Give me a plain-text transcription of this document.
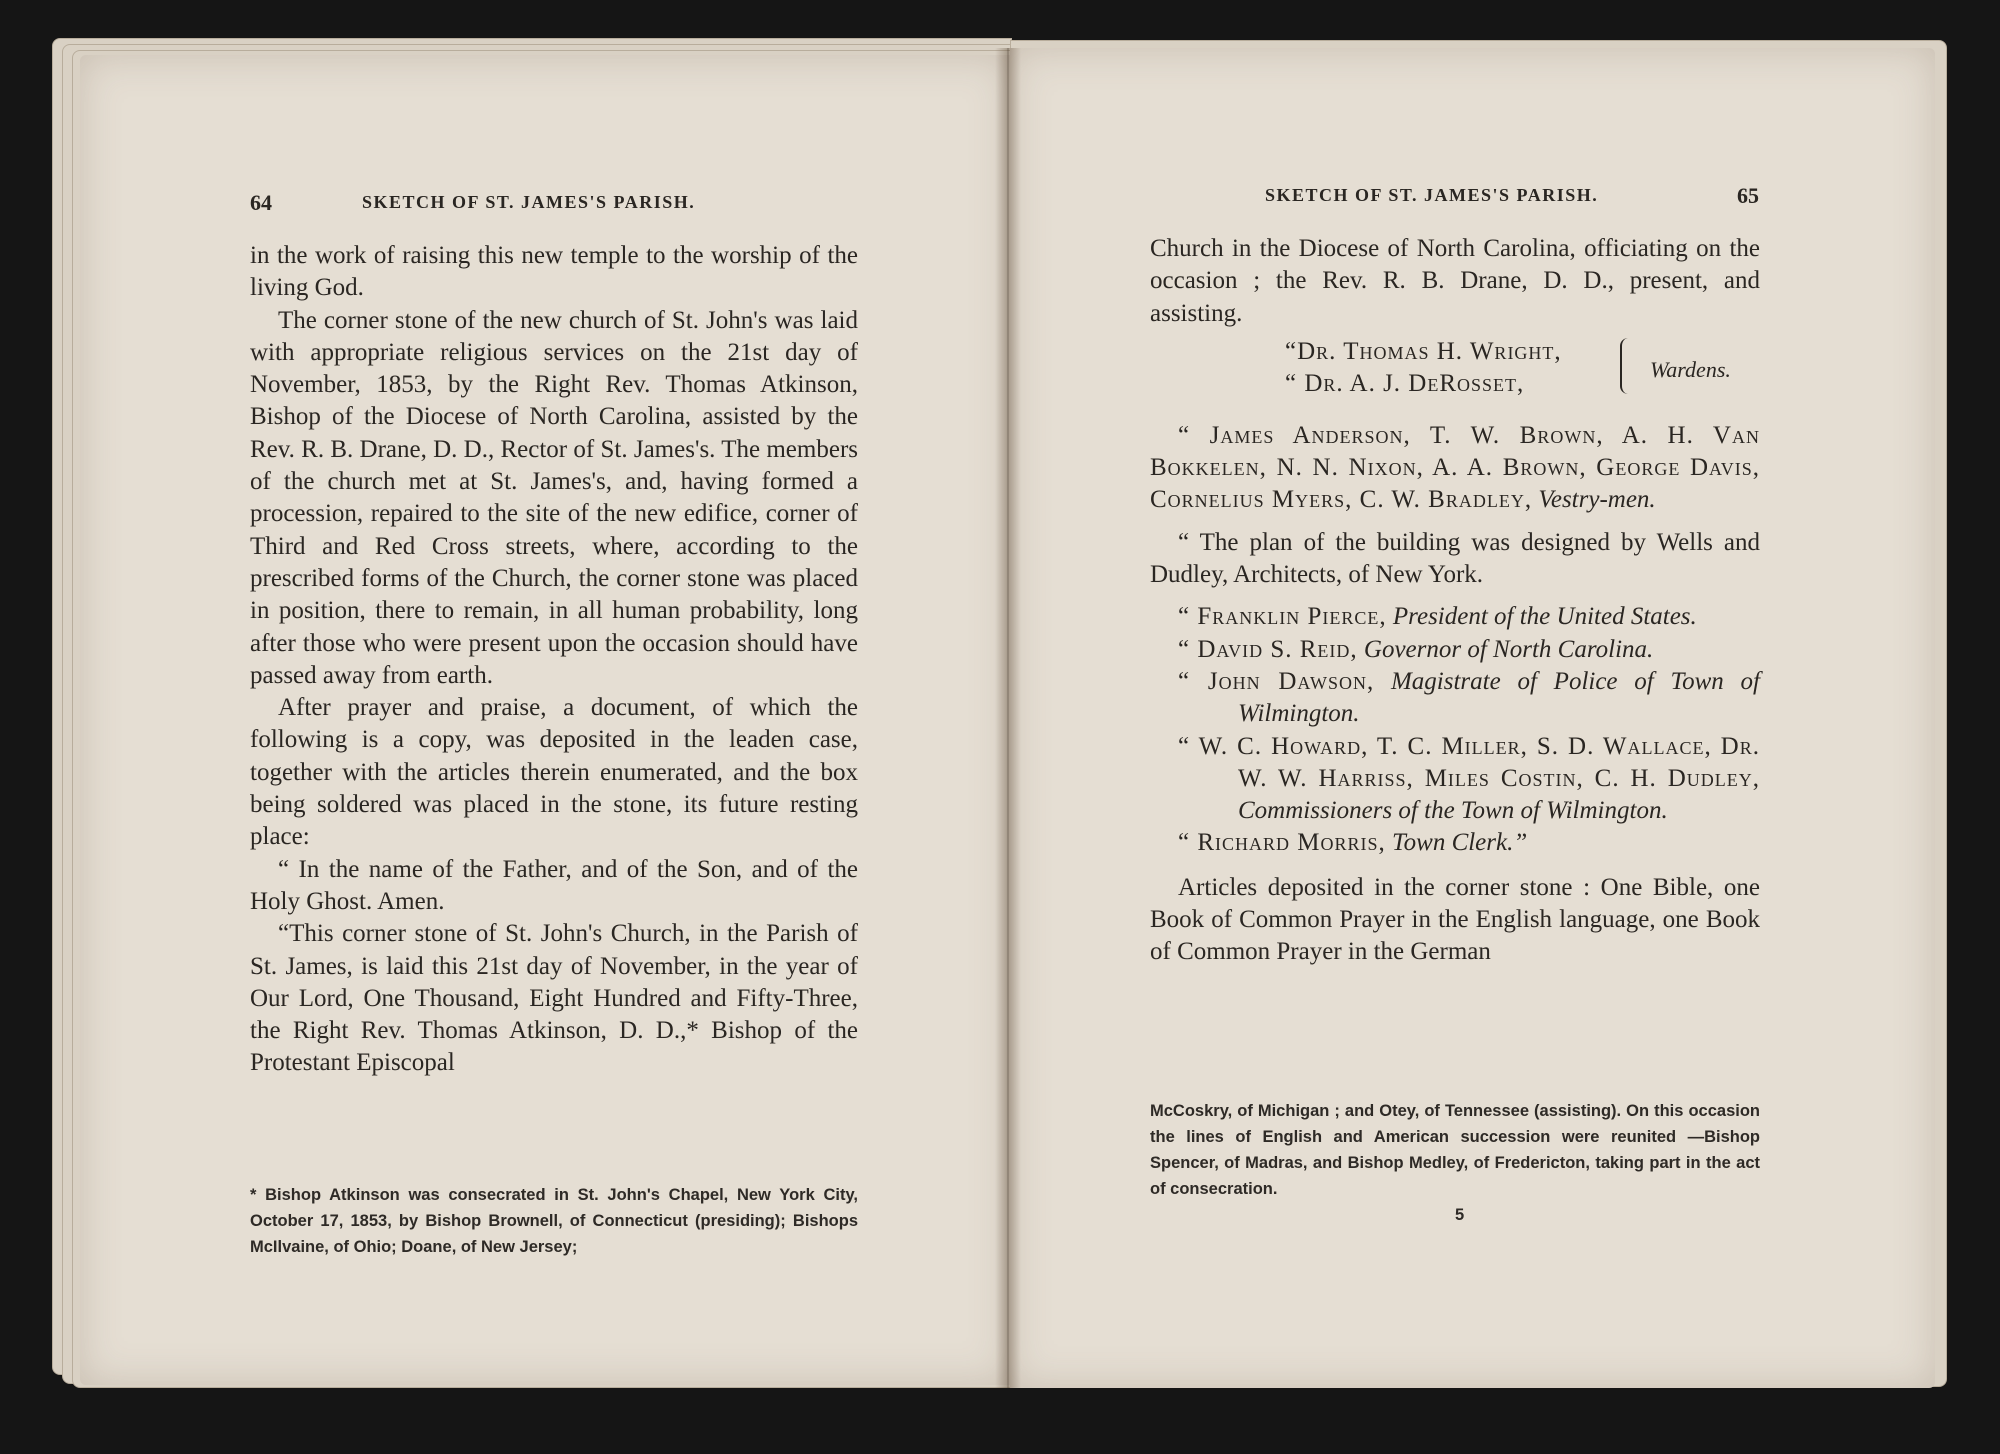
64	SKETCH OF ST. JAMES'S PARISH.

in the work of raising this new temple to the worship of the living God.

The corner stone of the new church of St. John's was laid with appropriate religious services on the 21st day of November, 1853, by the Right Rev. Thomas Atkinson, Bishop of the Diocese of North Carolina, assisted by the Rev. R. B. Drane, D. D., Rector of St. James's. The members of the church met at St. James's, and, having formed a procession, repaired to the site of the new edifice, corner of Third and Red Cross streets, where, according to the prescribed forms of the Church, the corner stone was placed in position, there to remain, in all human probability, long after those who were present upon the occasion should have passed away from earth.

After prayer and praise, a document, of which the following is a copy, was deposited in the leaden case, together with the articles therein enumerated, and the box being soldered was placed in the stone, its future resting place:

“ In the name of the Father, and of the Son, and of the Holy Ghost. Amen.

“This corner stone of St. John's Church, in the Parish of St. James, is laid this 21st day of November, in the year of Our Lord, One Thousand, Eight Hundred and Fifty-Three, the Right Rev. Thomas Atkinson, D. D.,* Bishop of the Protestant Episcopal

* Bishop Atkinson was consecrated in St. John's Chapel, New York City, October 17, 1853, by Bishop Brownell, of Connecticut (presiding); Bishops McIlvaine, of Ohio; Doane, of New Jersey;
SKETCH OF ST. JAMES'S PARISH.	65

Church in the Diocese of North Carolina, officiating on the occasion ; the Rev. R. B. Drane, D. D., present, and assisting.

“Dr. Thomas H. Wright,
“ Dr. A. J. DeRosset,
Wardens.

“ James Anderson, T. W. Brown, A. H. Van Bokkelen, N. N. Nixon, A. A. Brown, George Davis, Cornelius Myers, C. W. Bradley, Vestry-men.

“ The plan of the building was designed by Wells and Dudley, Architects, of New York.

“ Franklin Pierce, President of the United States.

“ David S. Reid, Governor of North Carolina.

“ John Dawson, Magistrate of Police of Town of Wilmington.

“ W. C. Howard, T. C. Miller, S. D. Wallace, Dr. W. W. Harriss, Miles Costin, C. H. Dudley, Commissioners of the Town of Wilmington.

“ Richard Morris, Town Clerk.”

Articles deposited in the corner stone : One Bible, one Book of Common Prayer in the English language, one Book of Common Prayer in the German

McCoskry, of Michigan ; and Otey, of Tennessee (assisting). On this occasion the lines of English and American succession were reunited —Bishop Spencer, of Madras, and Bishop Medley, of Fredericton, taking part in the act of consecration.
5
